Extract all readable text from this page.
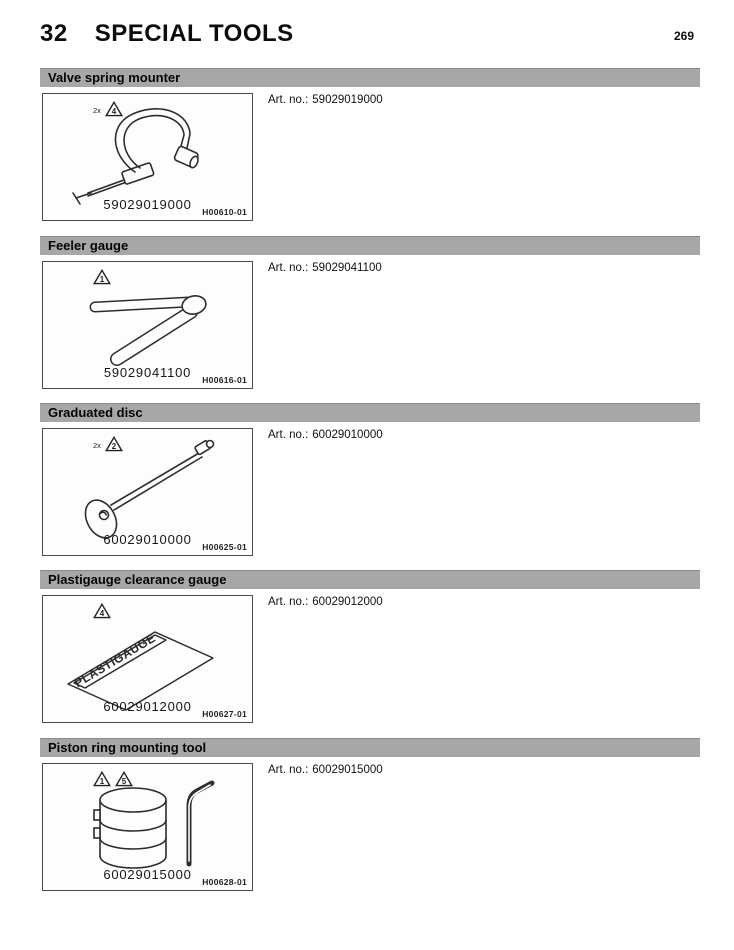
32 SPECIAL TOOLS	269
Valve spring mounter
2x 4
59029019000	H00610-01
Art. no.: 59029019000
Feeler gauge
1
59029041100	H00616-01
Art. no.: 59029041100
Graduated disc
2x 2
60029010000	H00625-01
Art. no.: 60029010000
Plastigauge clearance gauge
4
PLASTIGAUGE
60029012000	H00627-01
Art. no.: 60029012000
Piston ring mounting tool
1 5
60029015000	H00628-01
Art. no.: 60029015000
